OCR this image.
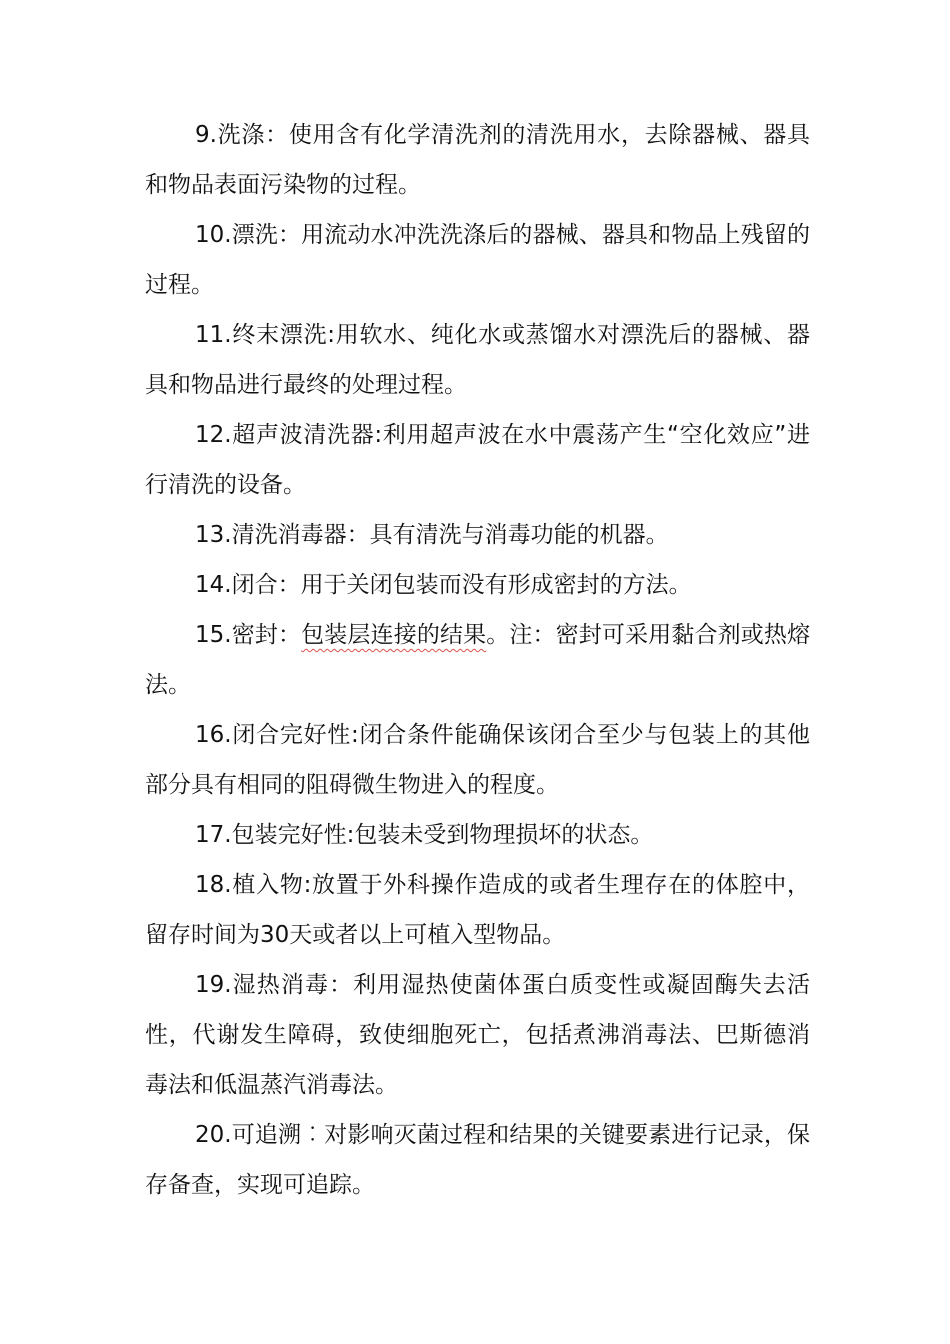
9.洗涤：使用含有化学清洗剂的清洗用水，去除器械、器具和物品表面污染物的过程。

10.漂洗：用流动水冲洗洗涤后的器械、器具和物品上残留的过程。

11.终末漂洗:用软水、纯化水或蒸馏水对漂洗后的器械、器具和物品进行最终的处理过程。

12.超声波清洗器:利用超声波在水中震荡产生“空化效应”进行清洗的设备。

13.清洗消毒器：具有清洗与消毒功能的机器。

14.闭合：用于关闭包装而没有形成密封的方法。

15.密封：包装层连接的结果。注：密封可采用黏合剂或热熔法。

16.闭合完好性:闭合条件能确保该闭合至少与包装上的其他部分具有相同的阻碍微生物进入的程度。

17.包装完好性:包装未受到物理损坏的状态。

18.植入物:放置于外科操作造成的或者生理存在的体腔中，留存时间为30天或者以上可植入型物品。

19.湿热消毒：利用湿热使菌体蛋白质变性或凝固酶失去活性，代谢发生障碍，致使细胞死亡，包括煮沸消毒法、巴斯德消毒法和低温蒸汽消毒法。

20.可追溯︰对影响灭菌过程和结果的关键要素进行记录，保存备查，实现可追踪。
